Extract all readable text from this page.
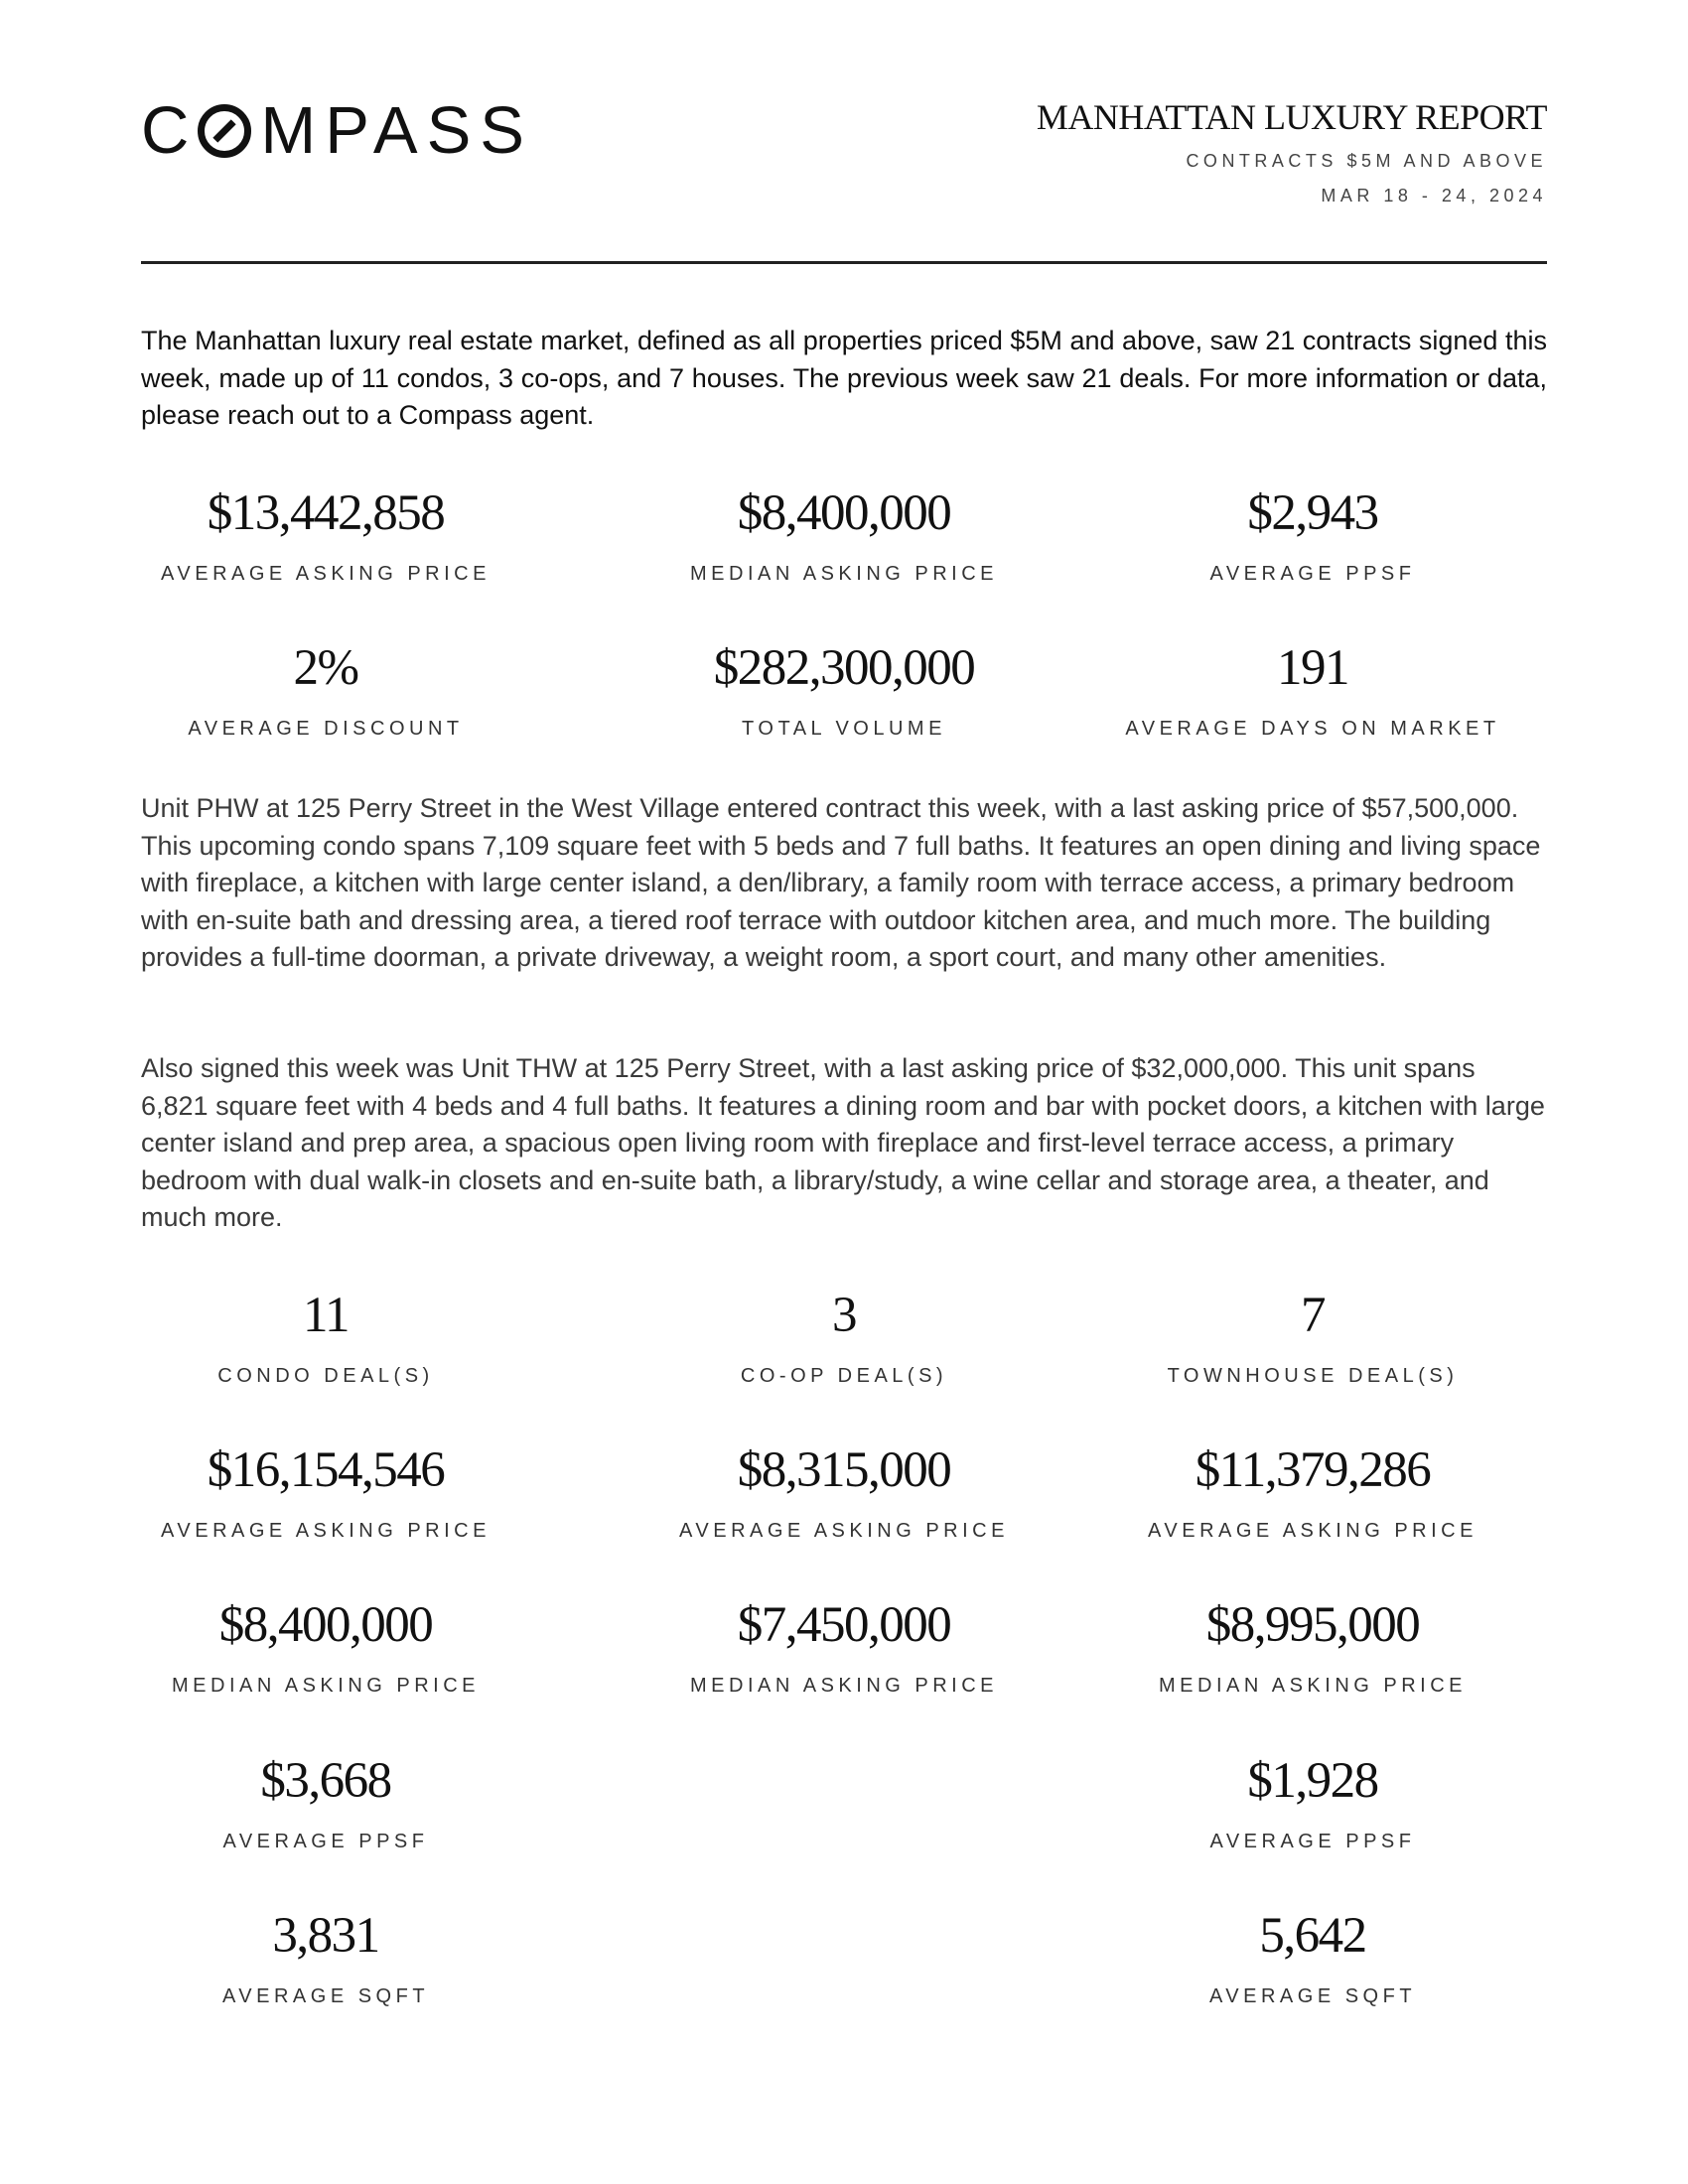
C MPASS	MANHATTAN LUXURY REPORT
CONTRACTS $5M AND ABOVE
MAR 18 - 24, 2024

The Manhattan luxury real estate market, defined as all properties priced $5M and above, saw 21 contracts signed this week, made up of 11 condos, 3 co-ops, and 7 houses. The previous week saw 21 deals. For more information or data, please reach out to a Compass agent.

$13,442,858
AVERAGE ASKING PRICE
$8,400,000
MEDIAN ASKING PRICE
$2,943
AVERAGE PPSF
2%
AVERAGE DISCOUNT
$282,300,000
TOTAL VOLUME
191
AVERAGE DAYS ON MARKET

Unit PHW at 125 Perry Street in the West Village entered contract this week, with a last asking price of $57,500,000. This upcoming condo spans 7,109 square feet with 5 beds and 7 full baths. It features an open dining and living space with fireplace, a kitchen with large center island, a den/library, a family room with terrace access, a primary bedroom with en-suite bath and dressing area, a tiered roof terrace with outdoor kitchen area, and much more. The building provides a full-time doorman, a private driveway, a weight room, a sport court, and many other amenities.

Also signed this week was Unit THW at 125 Perry Street, with a last asking price of $32,000,000. This unit spans 6,821 square feet with 4 beds and 4 full baths. It features a dining room and bar with pocket doors, a kitchen with large center island and prep area, a spacious open living room with fireplace and first-level terrace access, a primary bedroom with dual walk-in closets and en-suite bath, a library/study, a wine cellar and storage area, a theater, and much more.

11
CONDO DEAL(S)
3
CO-OP DEAL(S)
7
TOWNHOUSE DEAL(S)
$16,154,546
AVERAGE ASKING PRICE
$8,315,000
AVERAGE ASKING PRICE
$11,379,286
AVERAGE ASKING PRICE
$8,400,000
MEDIAN ASKING PRICE
$7,450,000
MEDIAN ASKING PRICE
$8,995,000
MEDIAN ASKING PRICE
$3,668
AVERAGE PPSF
$1,928
AVERAGE PPSF
3,831
AVERAGE SQFT
5,642
AVERAGE SQFT
